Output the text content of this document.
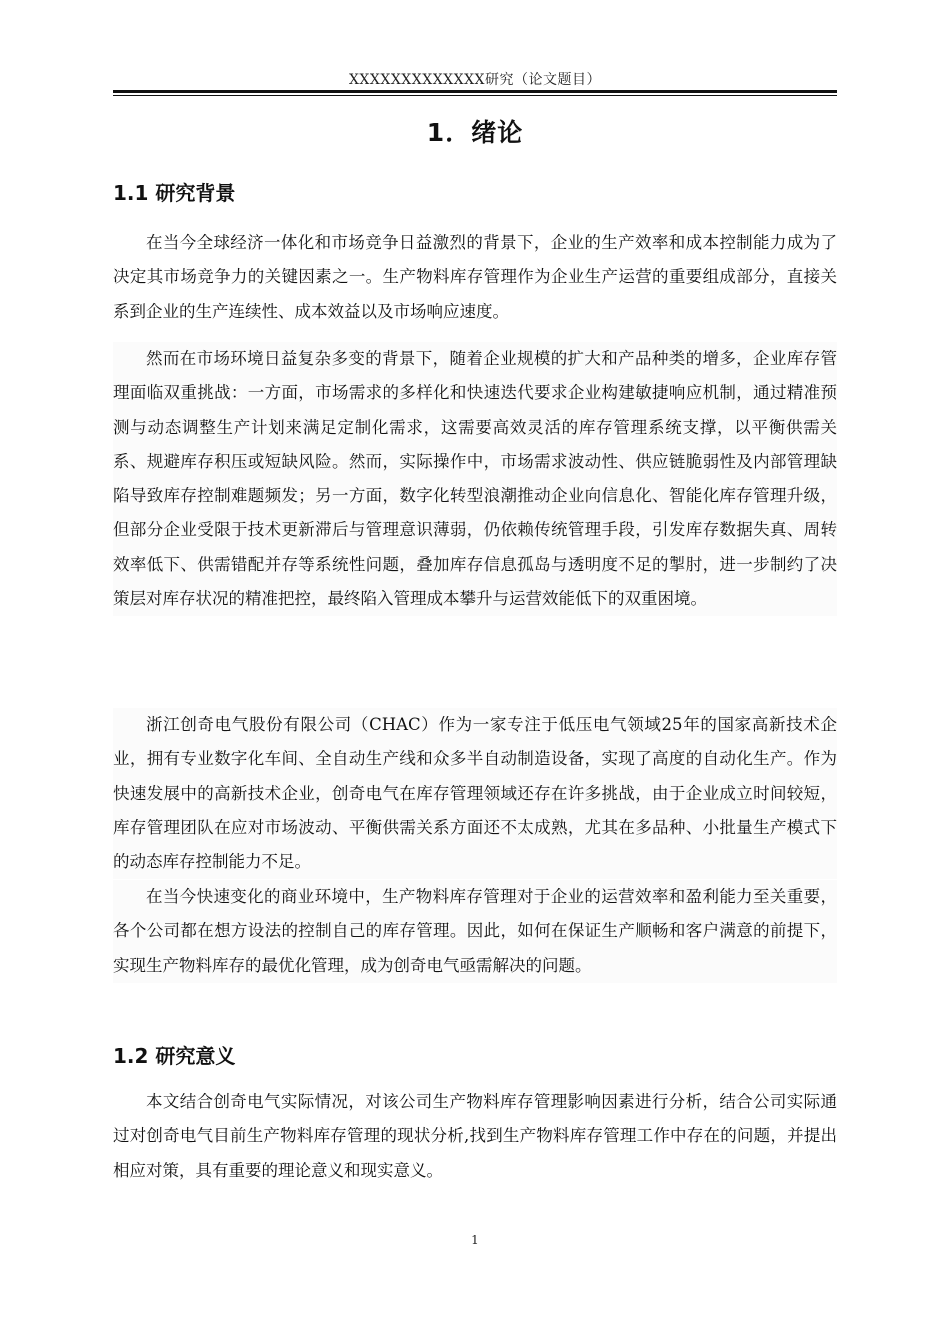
XXXXXXXXXXXXX研究（论文题目）
1．绪论
1.1 研究背景

在当今全球经济一体化和市场竞争日益激烈的背景下，企业的生产效率和成本控制能力成为了决定其市场竞争力的关键因素之一。生产物料库存管理作为企业生产运营的重要组成部分，直接关系到企业的生产连续性、成本效益以及市场响应速度。

然而在市场环境日益复杂多变的背景下，随着企业规模的扩大和产品种类的增多，企业库存管理面临双重挑战：一方面，市场需求的多样化和快速迭代要求企业构建敏捷响应机制，通过精准预测与动态调整生产计划来满足定制化需求，这需要高效灵活的库存管理系统支撑，以平衡供需关系、规避库存积压或短缺风险。然而，实际操作中，市场需求波动性、供应链脆弱性及内部管理缺陷导致库存控制难题频发；另一方面，数字化转型浪潮推动企业向信息化、智能化库存管理升级，但部分企业受限于技术更新滞后与管理意识薄弱，仍依赖传统管理手段，引发库存数据失真、周转效率低下、供需错配并存等系统性问题，叠加库存信息孤岛与透明度不足的掣肘，进一步制约了决策层对库存状况的精准把控，最终陷入管理成本攀升与运营效能低下的双重困境。

浙江创奇电气股份有限公司（CHAC）作为一家专注于低压电气领域25年的国家高新技术企业，拥有专业数字化车间、全自动生产线和众多半自动制造设备，实现了高度的自动化生产。作为快速发展中的高新技术企业，创奇电气在库存管理领域还存在许多挑战，由于企业成立时间较短，库存管理团队在应对市场波动、平衡供需关系方面还不太成熟，尤其在多品种、小批量生产模式下的动态库存控制能力不足。

在当今快速变化的商业环境中，生产物料库存管理对于企业的运营效率和盈利能力至关重要，各个公司都在想方设法的控制自己的库存管理。因此，如何在保证生产顺畅和客户满意的前提下，实现生产物料库存的最优化管理，成为创奇电气亟需解决的问题。

1.2 研究意义

本文结合创奇电气实际情况，对该公司生产物料库存管理影响因素进行分析，结合公司实际通过对创奇电气目前生产物料库存管理的现状分析,找到生产物料库存管理工作中存在的问题，并提出相应对策，具有重要的理论意义和现实意义。

1
